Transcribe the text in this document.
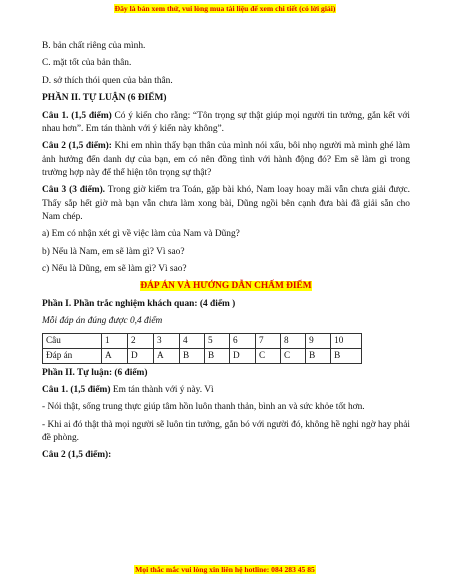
Đây là bản xem thử, vui lòng mua tài liệu để xem chi tiết (có lời giải)

B. bản chất riêng của mình.

C. mặt tốt của bản thân.

D. sở thích thói quen của bản thân.

PHẦN II. TỰ LUẬN (6 ĐIỂM)

Câu 1. (1,5 điểm) Có ý kiến cho rằng: “Tôn trọng sự thật giúp mọi người tin tưởng, gắn kết với nhau hơn”. Em tán thành với ý kiến này không”.

Câu 2 (1,5 điểm): Khi em nhìn thấy bạn thân của mình nói xấu, bôi nhọ người mà mình ghé làm ảnh hưởng đến danh dự của bạn, em có nên đồng tình với hành động đó? Em sẽ làm gì trong trường hợp này để thể hiện tôn trọng sự thật?

Câu 3 (3 điểm). Trong giờ kiểm tra Toán, gặp bài khó, Nam loay hoay mãi vẫn chưa giải được. Thấy sắp hết giờ mà bạn vẫn chưa làm xong bài, Dũng ngồi bên cạnh đưa bài đã giải sẵn cho Nam chép.

a) Em có nhận xét gì về việc làm của Nam và Dũng?

b) Nếu là Nam, em sẽ làm gì? Vì sao?

c) Nếu là Dũng, em sẽ làm gì? Vì sao?

ĐÁP ÁN VÀ HƯỚNG DẪN CHẤM ĐIỂM

Phần I. Phần trắc nghiệm khách quan: (4 điểm )

Mỗi đáp án đúng được 0,4 điểm

Câu	1	2	3	4	5	6	7	8	9	10
Đáp án	A	D	A	B	B	D	C	C	B	B

Phần II. Tự luận: (6 điểm)

Câu 1. (1,5 điểm) Em tán thành với ý này. Vì

- Nói thật, sống trung thực giúp tâm hồn luôn thanh thản, bình an và sức khỏe tốt hơn.

- Khi ai đó thật thà mọi người sẽ luôn tin tưởng, gắn bó với người đó, không hề nghi ngờ hay phải đề phòng.

Câu 2 (1,5 điểm):

Mọi thắc mắc vui lòng xin liên hệ hotline: 084 283 45 85
